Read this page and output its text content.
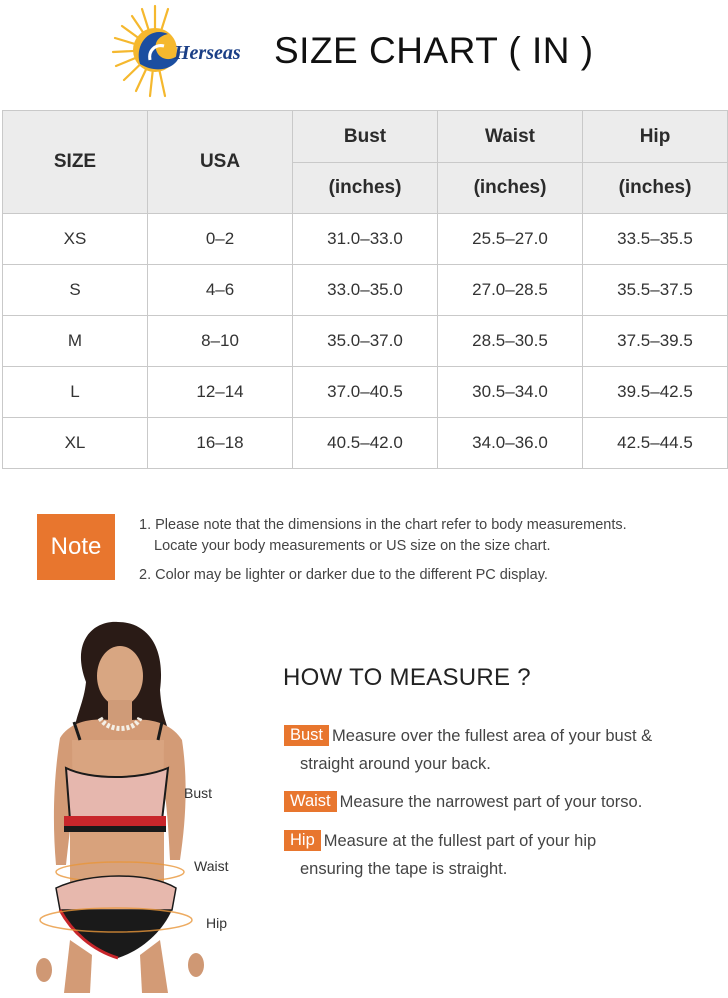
Herseas SIZE CHART ( IN )
SIZE	USA	Bust	Waist	Hip
		(inches)	(inches)	(inches)
XS	0–2	31.0–33.0	25.5–27.0	33.5–35.5
S	4–6	33.0–35.0	27.0–28.5	35.5–37.5
M	8–10	35.0–37.0	28.5–30.5	37.5–39.5
L	12–14	37.0–40.5	30.5–34.0	39.5–42.5
XL	16–18	40.5–42.0	34.0–36.0	42.5–44.5
Note
1. Please note that the dimensions in the chart refer to body measurements.
Locate your body measurements or US size on the size chart.
2. Color may be lighter or darker due to the different PC display.
Bust
Waist
Hip
HOW TO MEASURE ?
Bust Measure over the fullest area of your bust &
straight around your back.
Waist Measure the narrowest part of your torso.
Hip Measure at the fullest part of your hip
ensuring the tape is straight.
